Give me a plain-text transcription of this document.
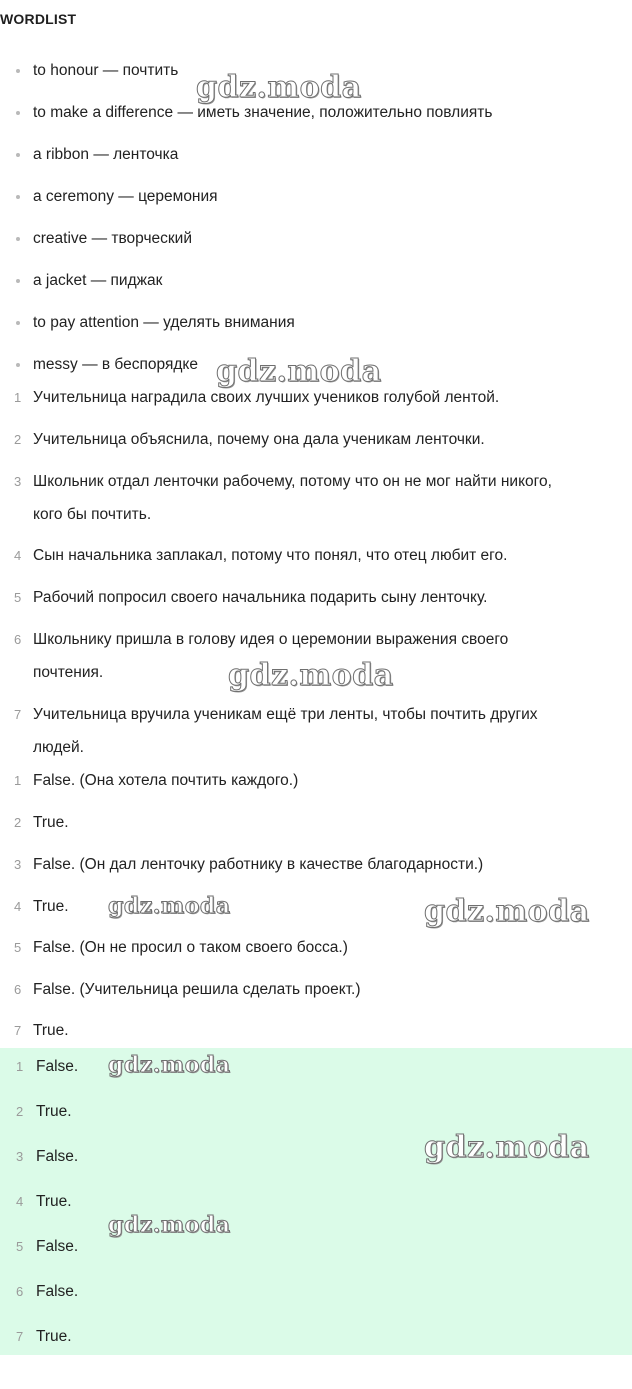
WORDLIST
to honour — почтить
to make a difference — иметь значение, положительно повлиять
a ribbon — ленточка
a ceremony — церемония
creative — творческий
a jacket — пиджак
to pay attention — уделять внимания
messy — в беспорядке
1 Учительница наградила своих лучших учеников голубой лентой.
2 Учительница объяснила, почему она дала ученикам ленточки.
3 Школьник отдал ленточки рабочему, потому что он не мог найти никого,
кого бы почтить.
4 Сын начальника заплакал, потому что понял, что отец любит его.
5 Рабочий попросил своего начальника подарить сыну ленточку.
6 Школьнику пришла в голову идея о церемонии выражения своего
почтения.
7 Учительница вручила ученикам ещё три ленты, чтобы почтить других
людей.
1 False. (Она хотела почтить каждого.)
2 True.
3 False. (Он дал ленточку работнику в качестве благодарности.)
4 True.
5 False. (Он не просил о таком своего босса.)
6 False. (Учительница решила сделать проект.)
7 True.
1 False.
2 True.
3 False.
4 True.
5 False.
6 False.
7 True.
gdz.moda
gdz.moda
gdz.moda
gdz.moda	gdz.moda
gdz.moda
gdz.moda
gdz.moda
